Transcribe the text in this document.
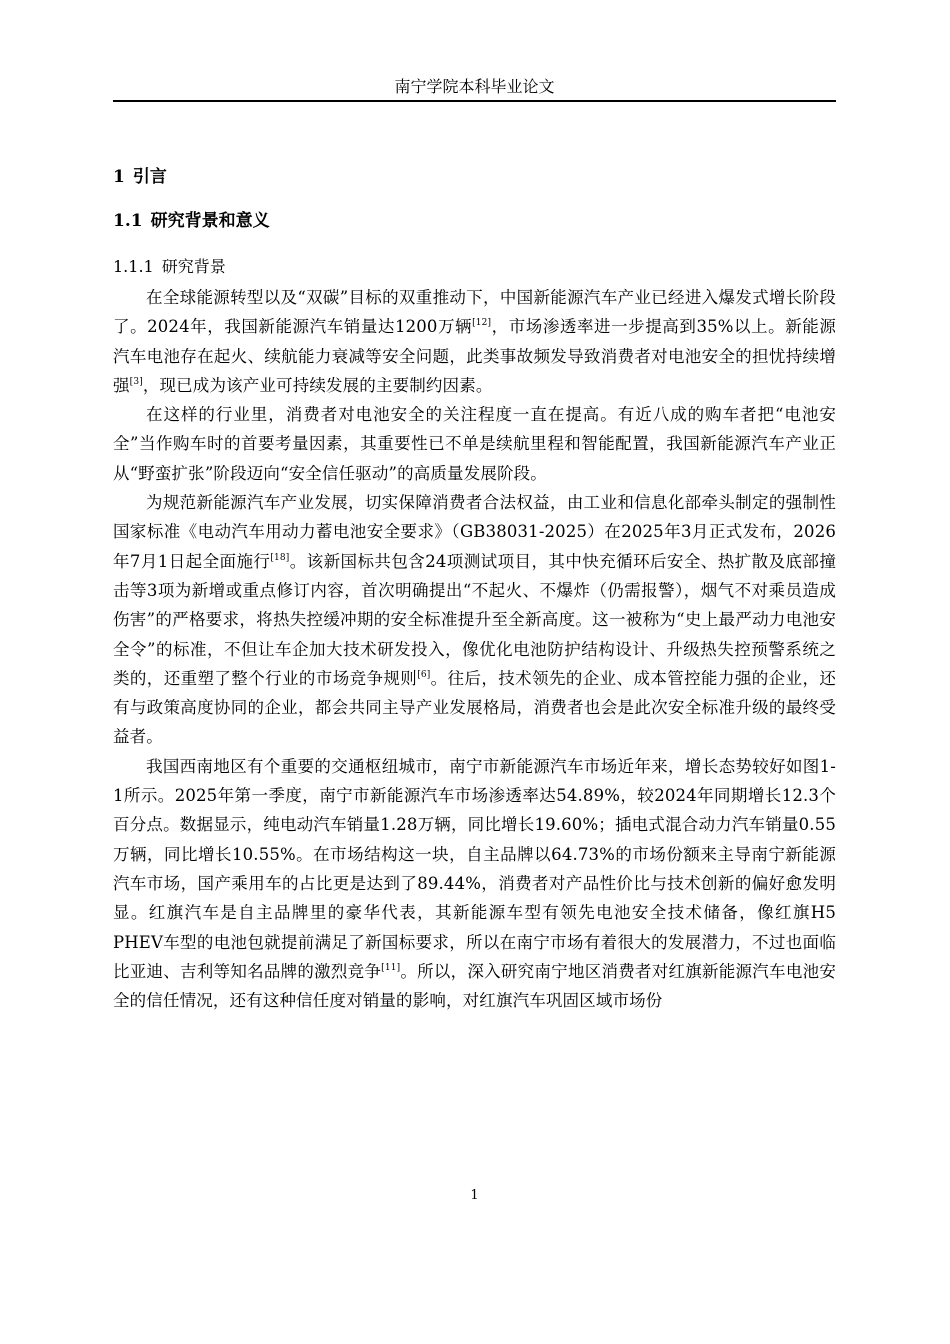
南宁学院本科毕业论文
1 引言
1.1 研究背景和意义
1.1.1 研究背景

在全球能源转型以及“双碳”目标的双重推动下，中国新能源汽车产业已经进入爆发式增长阶段了。2024年，我国新能源汽车销量达1200万辆[12]，市场渗透率进一步提高到35%以上。新能源汽车电池存在起火、续航能力衰减等安全问题，此类事故频发导致消费者对电池安全的担忧持续增强[3]，现已成为该产业可持续发展的主要制约因素。

在这样的行业里，消费者对电池安全的关注程度一直在提高。有近八成的购车者把“电池安全”当作购车时的首要考量因素，其重要性已不单是续航里程和智能配置，我国新能源汽车产业正从“野蛮扩张”阶段迈向“安全信任驱动”的高质量发展阶段。

为规范新能源汽车产业发展，切实保障消费者合法权益，由工业和信息化部牵头制定的强制性国家标准《电动汽车用动力蓄电池安全要求》（GB38031-2025）在2025年3月正式发布，2026年7月1日起全面施行[18]。该新国标共包含24项测试项目，其中快充循环后安全、热扩散及底部撞击等3项为新增或重点修订内容，首次明确提出“不起火、不爆炸（仍需报警），烟气不对乘员造成伤害”的严格要求，将热失控缓冲期的安全标准提升至全新高度。这一被称为“史上最严动力电池安全令”的标准，不但让车企加大技术研发投入，像优化电池防护结构设计、升级热失控预警系统之类的，还重塑了整个行业的市场竞争规则[6]。往后，技术领先的企业、成本管控能力强的企业，还有与政策高度协同的企业，都会共同主导产业发展格局，消费者也会是此次安全标准升级的最终受益者。

我国西南地区有个重要的交通枢纽城市，南宁市新能源汽车市场近年来，增长态势较好如图1-1所示。2025年第一季度，南宁市新能源汽车市场渗透率达54.89%，较2024年同期增长12.3个百分点。数据显示，纯电动汽车销量1.28万辆，同比增长19.60%；插电式混合动力汽车销量0.55万辆，同比增长10.55%。在市场结构这一块，自主品牌以64.73%的市场份额来主导南宁新能源汽车市场，国产乘用车的占比更是达到了89.44%，消费者对产品性价比与技术创新的偏好愈发明显。红旗汽车是自主品牌里的豪华代表，其新能源车型有领先电池安全技术储备，像红旗H5 PHEV车型的电池包就提前满足了新国标要求，所以在南宁市场有着很大的发展潜力，不过也面临比亚迪、吉利等知名品牌的激烈竞争[11]。所以，深入研究南宁地区消费者对红旗新能源汽车电池安全的信任情况，还有这种信任度对销量的影响，对红旗汽车巩固区域市场份

1
